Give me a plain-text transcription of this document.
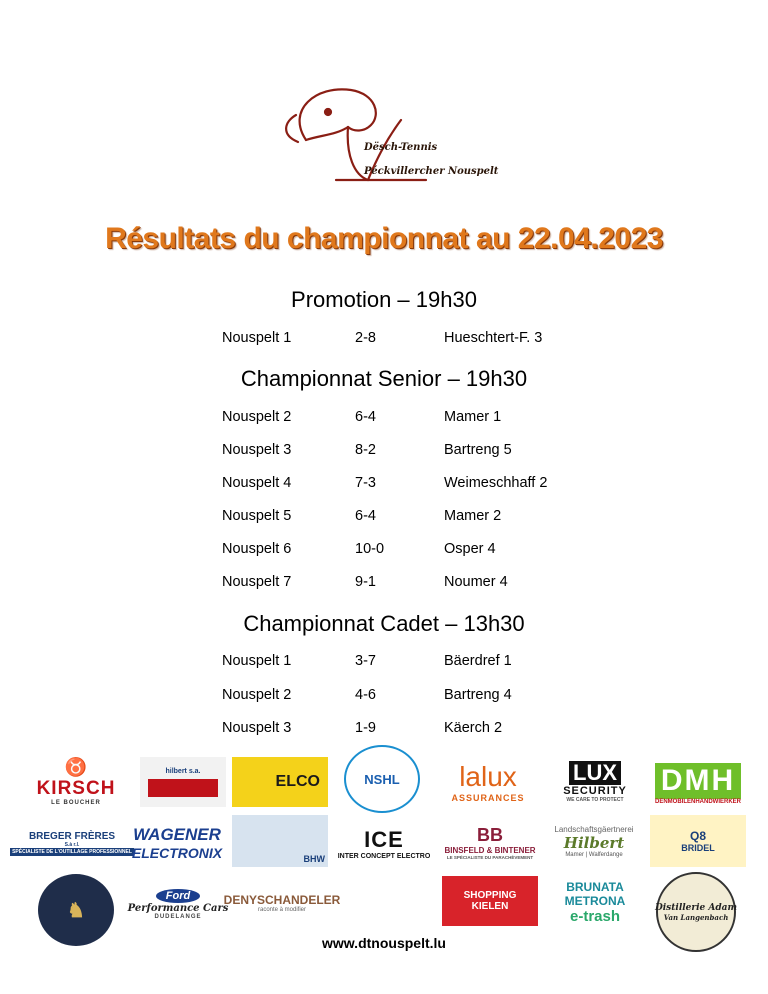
Dësch-Tennis
Péckvillercher Nouspelt
Résultats du championnat au 22.04.2023
Promotion – 19h30
Nouspelt 1	2-8	Hueschtert-F. 3
Championnat Senior – 19h30
Nouspelt 2	6-4	Mamer 1
Nouspelt 3	8-2	Bartreng 5
Nouspelt 4	7-3	Weimeschhaff 2
Nouspelt 5	6-4	Mamer 2
Nouspelt 6	10-0	Osper 4
Nouspelt 7	9-1	Noumer 4
Championnat Cadet – 13h30
Nouspelt 1	3-7	Bäerdref 1
Nouspelt 2	4-6	Bartreng 4
Nouspelt 3	1-9	Käerch 2
♉
KIRSCH
LE BOUCHER
hilbert s.a.
ELCO	NSHL lalux
ASSURANCES
LUX
SECURITY
WE CARE TO PROTECT
DMH
DENMOBILENHANDWIERKER
BREGER FRÈRES
S.à r.l.
SPÉCIALISTE DE L'OUTILLAGE PROFESSIONNEL
WAGENER
ELECTRONIX	BHW
ICE
INTER CONCEPT ELECTRO
BB
BINSFELD & BINTENER
LE SPÉCIALISTE DU PARACHÈVEMENT
Landschaftsgäertnerei
Hilbert
Mamer | Walferdange
Q8
BRIDEL
♞
Ford
Performance Cars
DUDELANGE
DENYSCHANDELER
raconte à modifier
SHOPPING
KIELEN
BRUNATA
METRONA
e-trash	Distillerie Adam
Van Langenbach
www.dtnouspelt.lu
